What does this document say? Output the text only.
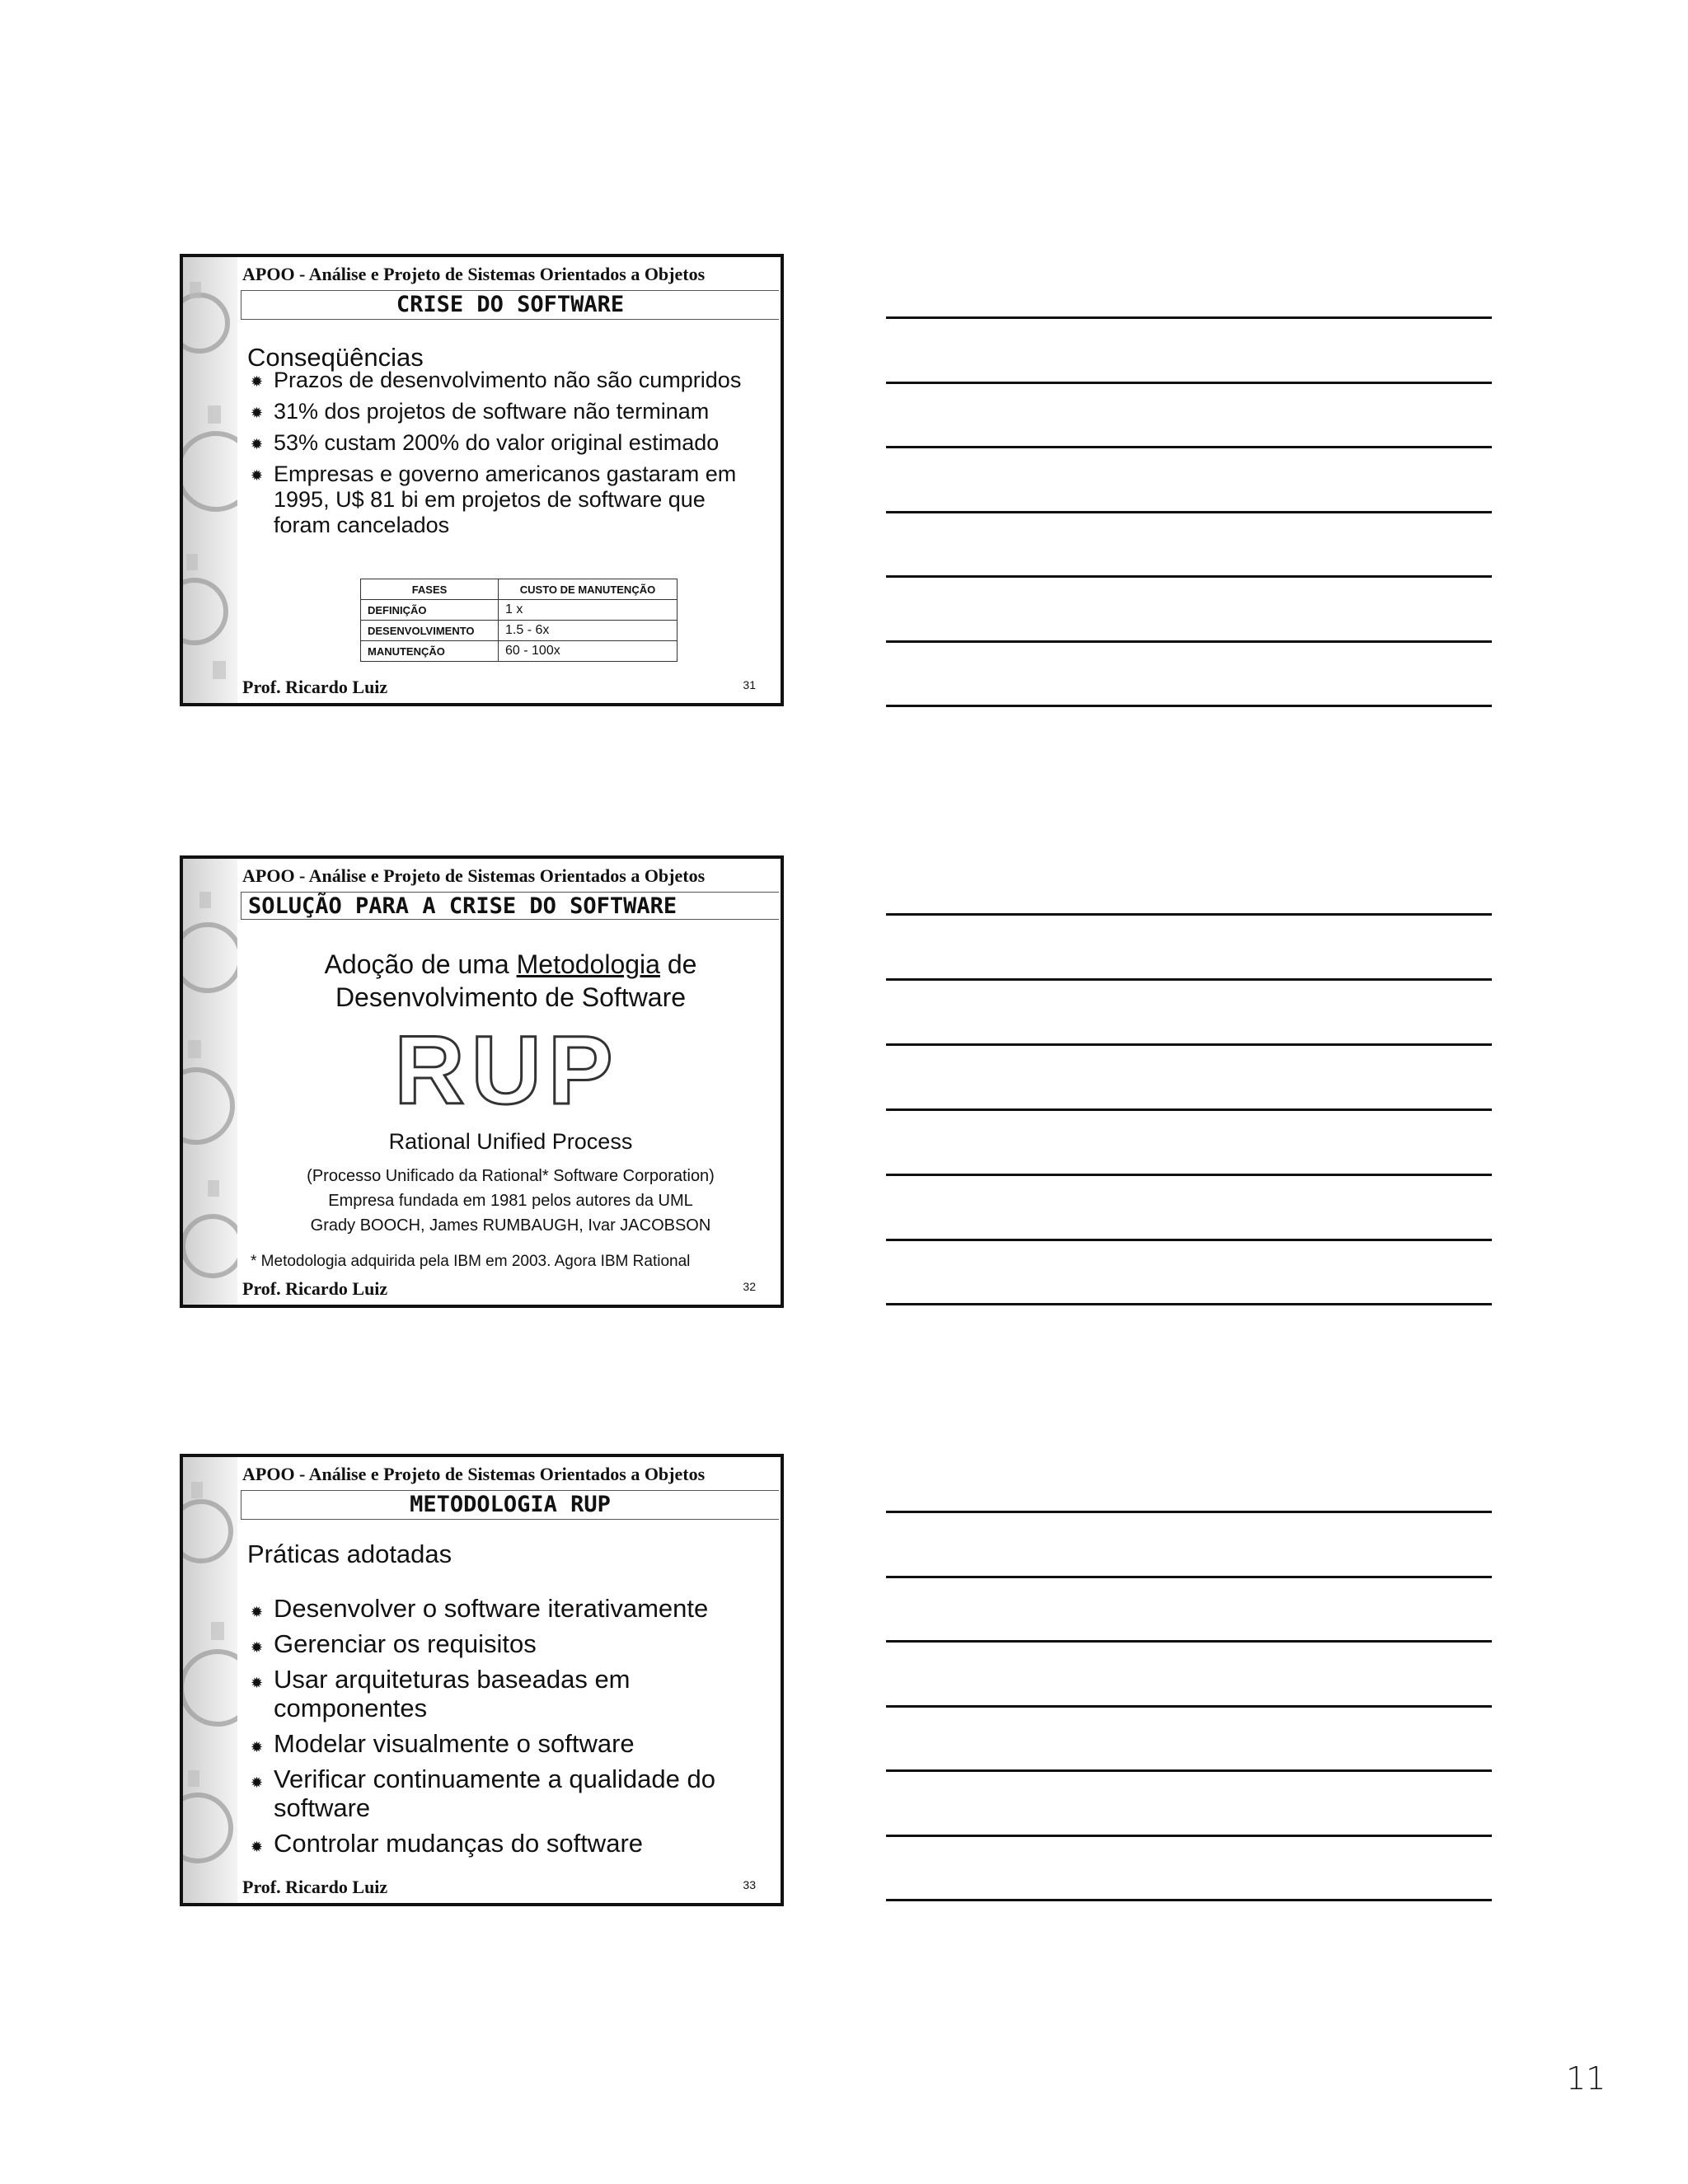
APOO - Análise e Projeto de Sistemas Orientados a Objetos
CRISE DO SOFTWARE
Conseqüências
✹ Prazos de desenvolvimento não são cumpridos
✹ 31% dos projetos de software não terminam
✹ 53% custam 200% do valor original estimado
✹ Empresas e governo americanos gastaram em 1995, U$ 81 bi em projetos de software que foram cancelados
FASES	CUSTO DE MANUTENÇÃO
DEFINIÇÃO	1 x
DESENVOLVIMENTO	1.5 - 6x
MANUTENÇÃO	60 - 100x
Prof. Ricardo Luiz	31
APOO - Análise e Projeto de Sistemas Orientados a Objetos
SOLUÇÃO PARA A CRISE DO SOFTWARE
Adoção de uma Metodologia de
Desenvolvimento de Software
RUP
Rational Unified Process
(Processo Unificado da Rational* Software Corporation)
Empresa fundada em 1981 pelos autores da UML
Grady BOOCH, James RUMBAUGH, Ivar JACOBSON
* Metodologia adquirida pela IBM em 2003. Agora IBM Rational
Prof. Ricardo Luiz	32
APOO - Análise e Projeto de Sistemas Orientados a Objetos
METODOLOGIA RUP
Práticas adotadas
✹ Desenvolver o software iterativamente
✹ Gerenciar os requisitos
✹ Usar arquiteturas baseadas em componentes
✹ Modelar visualmente o software
✹ Verificar continuamente a qualidade do software
✹ Controlar mudanças do software
Prof. Ricardo Luiz	33
11
